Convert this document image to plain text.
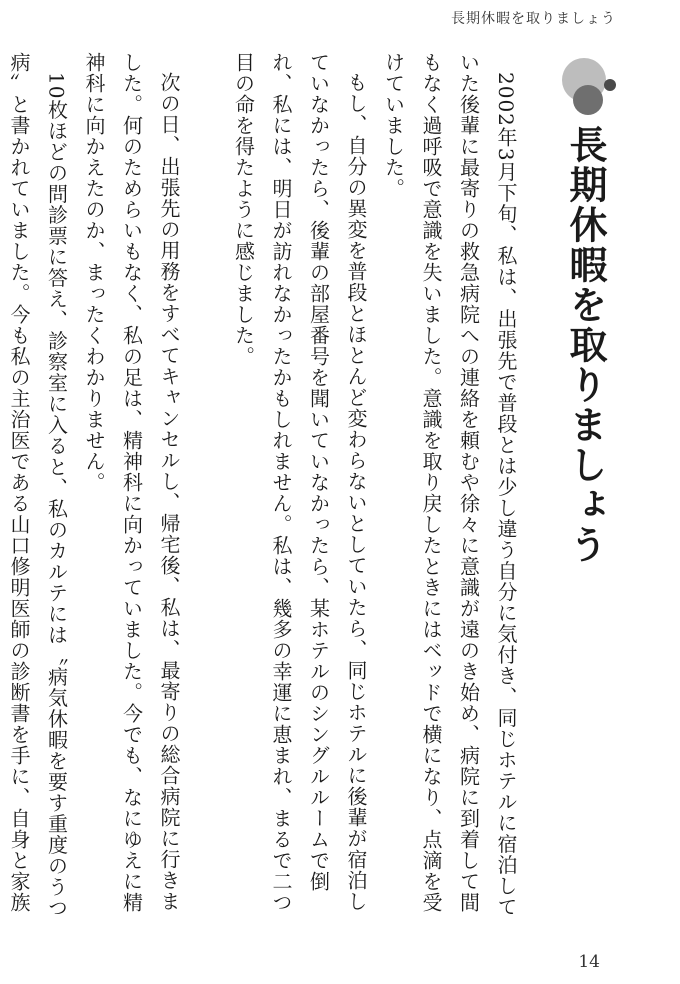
長期休暇を取りましょう
長期休暇を取りましょう

2002年3月下旬、私は、出張先で普段とは少し違う自分に気付き、同じホテルに宿泊していた後輩に最寄りの救急病院への連絡を頼むや徐々に意識が遠のき始め、病院に到着して間もなく過呼吸で意識を失いました。意識を取り戻したときにはベッドで横になり、点滴を受けていました。

もし、自分の異変を普段とほとんど変わらないとしていたら、同じホテルに後輩が宿泊していなかったら、後輩の部屋番号を聞いていなかったら、某ホテルのシングルルームで倒れ、私には、明日が訪れなかったかもしれません。私は、幾多の幸運に恵まれ、まるで二つ目の命を得たように感じました。

次の日、出張先の用務をすべてキャンセルし、帰宅後、私は、最寄りの総合病院に行きました。何のためらいもなく、私の足は、精神科に向かっていました。今でも、なにゆえに精神科に向かえたのか、まったくわかりません。

10枚ほどの問診票に答え、診察室に入ると、私のカルテには〝病気休暇を要す重度のうつ病〟と書かれていました。今も私の主治医である山口修明医師の診断書を手に、自身と家族

14
